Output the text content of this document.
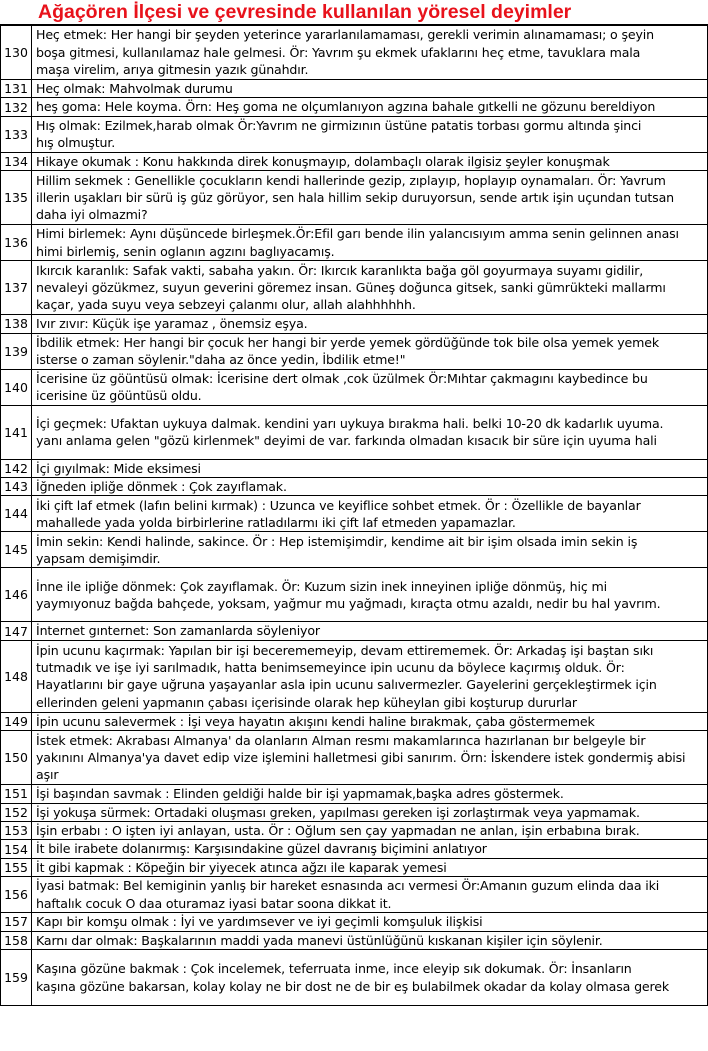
Ağaçören İlçesi ve çevresinde kullanılan yöresel deyimler
130	Heç etmek: Her hangi bir şeyden yeterince yararlanılamaması, gerekli verimin alınamaması; o şeyin
boşa gitmesi, kullanılamaz hale gelmesi. Ör: Yavrım şu ekmek ufaklarını heç etme, tavuklara mala
maşa virelim, arıya gitmesin yazık günahdır.

131	Heç olmak: Mahvolmak durumu

132	heş goma: Hele koyma. Örn: Heş goma ne olçumlanıyon agzına bahale gıtkelli ne gözunu bereldiyon

133	Hış olmak: Ezilmek,harab olmak Ör:Yavrım ne girmizının üstüne patatis torbası gormu altında şinci
hış olmuştur.

134	Hikaye okumak : Konu hakkında direk konuşmayıp, dolambaçlı olarak ilgisiz şeyler konuşmak

135	Hillim sekmek : Genellikle çocukların kendi hallerinde gezip, zıplayıp, hoplayıp oynamaları. Ör: Yavrum
illerin uşakları bir sürü iş güz görüyor, sen hala hillim sekip duruyorsun, sende artık işin uçundan tutsan
daha iyi olmazmi?

136	Himi birlemek: Aynı düşüncede birleşmek.Ör:Efil garı bende ilin yalancısıyım amma senin gelinnen anası
himi birlemiş, senin oglanın agzını baglıyacamış.

137	Ikırcık karanlık: Safak vakti, sabaha yakın. Ör: Ikırcık karanlıkta bağa göl goyurmaya suyamı gidilir,
nevaleyi gözükmez, suyun geverini göremez insan. Güneş doğunca gitsek, sanki gümrükteki mallarmı
kaçar, yada suyu veya sebzeyi çalanmı olur, allah alahhhhhh.

138	Ivır zıvır: Küçük işe yaramaz , önemsiz eşya.

139	İbdilik etmek: Her hangi bir çocuk her hangi bir yerde yemek gördüğünde tok bile olsa yemek yemek
isterse o zaman söylenir."daha az önce yedin, İbdilik etme!"

140	İcerisine üz göüntüsü olmak: İcerisine dert olmak ,cok üzülmek Ör:Mıhtar çakmagını kaybedince bu
icerisine üz göüntüsü oldu.

141	İçi geçmek: Ufaktan uykuya dalmak. kendini yarı uykuya bırakma hali. belki 10-20 dk kadarlık uyuma.
yanı anlama gelen "gözü kirlenmek" deyimi de var. farkında olmadan kısacık bir süre için uyuma hali

142	İçi gıyılmak: Mide eksimesi

143	İğneden ipliğe dönmek : Çok zayıflamak.

144	İki çift laf etmek (lafın belini kırmak) : Uzunca ve keyiflice sohbet etmek. Ör : Özellikle de bayanlar
mahallede yada yolda birbirlerine ratladılarmı iki çift laf etmeden yapamazlar.

145	İmin sekin: Kendi halinde, sakince. Ör : Hep istemişimdir, kendime ait bir işim olsada imin sekin iş
yapsam demişimdir.

146	İnne ile ipliğe dönmek: Çok zayıflamak. Ör: Kuzum sizin inek inneyinen ipliğe dönmüş, hiç mi
yaymıyonuz bağda bahçede, yoksam, yağmur mu yağmadı, kıraçta otmu azaldı, nedir bu hal yavrım.

147	İnternet gınternet: Son zamanlarda söyleniyor

148	İpin ucunu kaçırmak: Yapılan bir işi becerememeyip, devam ettirememek. Ör: Arkadaş işi baştan sıkı
tutmadık ve işe iyi sarılmadık, hatta benimsemeyince ipin ucunu da böylece kaçırmış olduk. Ör:
Hayatlarını bir gaye uğruna yaşayanlar asla ipin ucunu salıvermezler. Gayelerini gerçekleştirmek için
ellerinden geleni yapmanın çabası içerisinde olarak hep küheylan gibi koşturup dururlar

149	İpin ucunu salevermek : İşi veya hayatın akışını kendi haline bırakmak, çaba göstermemek

150	İstek etmek: Akrabası Almanya' da olanların Alman resmı makamlarınca hazırlanan bır belgeyle bir
yakınını Almanya'ya davet edip vize işlemini halletmesi gibi sanırım. Örn: İskendere istek gondermiş abisi
aşır

151	İşi başından savmak : Elinden geldiği halde bir işi yapmamak,başka adres göstermek.

152	İşi yokuşa sürmek: Ortadaki oluşması greken, yapılması gereken işi zorlaştırmak veya yapmamak.

153	İşin erbabı : O işten iyi anlayan, usta. Ör : Oğlum sen çay yapmadan ne anlan, işin erbabına bırak.

154	İt bile irabete dolanırmış: Karşısındakine güzel davranış biçimini anlatıyor

155	İt gibi kapmak : Köpeğin bir yiyecek atınca ağzı ile kaparak yemesi

156	İyasi batmak: Bel kemiginin yanlış bir hareket esnasında acı vermesi Ör:Amanın guzum elinda daa iki
haftalık cocuk O daa oturamaz iyasi batar soona dikkat it.

157	Kapı bir komşu olmak : İyi ve yardımsever ve iyi geçimli komşuluk ilişkisi

158	Karnı dar olmak: Başkalarının maddi yada manevi üstünlüğünü kıskanan kişiler için söylenir.

159	Kaşına gözüne bakmak : Çok incelemek, teferruata inme, ince eleyip sık dokumak. Ör: İnsanların
kaşına gözüne bakarsan, kolay kolay ne bir dost ne de bir eş bulabilmek okadar da kolay olmasa gerek
